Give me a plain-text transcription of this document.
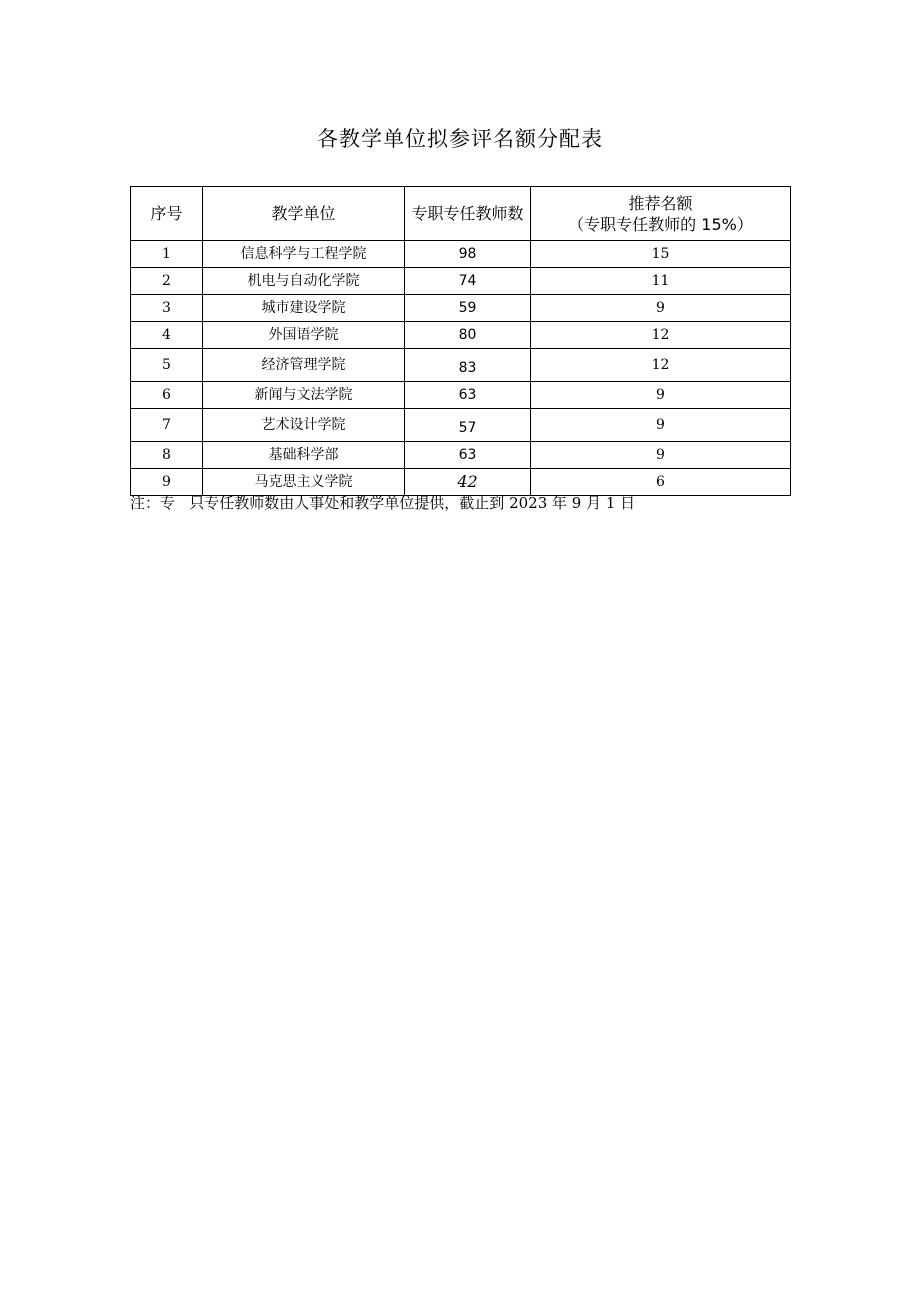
各教学单位拟参评名额分配表
序号	教学单位	专职专任教师数	推荐名额
（专职专任教师的 15%）

1	信息科学与工程学院	98	15
2	机电与自动化学院	74	11
3	城市建设学院	59	9
4	外国语学院	80	12
5	经济管理学院	83	12
6	新闻与文法学院	63	9
7	艺术设计学院	57	9
8	基础科学部	63	9
9	马克思主义学院	42	6
注：专   只专任教师数由人事处和教学单位提供，截止到 2023 年 9 月 1 日
